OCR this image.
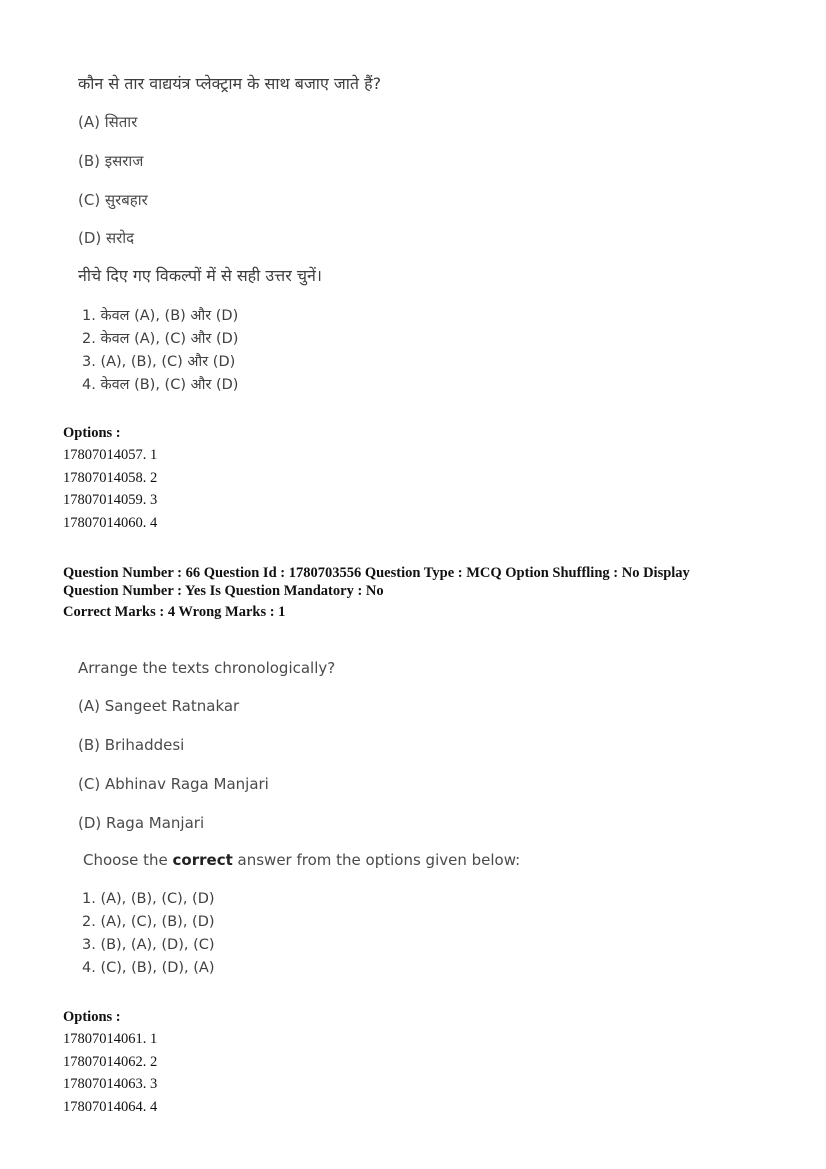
कौन से तार वाद्ययंत्र प्लेक्ट्राम के साथ बजाए जाते हैं?
(A) सितार
(B) इसराज
(C) सुरबहार
(D) सरोद
नीचे दिए गए विकल्पों में से सही उत्तर चुनें।
1. केवल (A), (B) और (D)
2. केवल (A), (C) और (D)
3. (A), (B), (C) और (D)
4. केवल (B), (C) और (D)
Options :
17807014057. 1
17807014058. 2
17807014059. 3
17807014060. 4
Question Number : 66 Question Id : 1780703556 Question Type : MCQ Option Shuffling : No Display
Question Number : Yes Is Question Mandatory : No
Correct Marks : 4 Wrong Marks : 1
Arrange the texts chronologically?
(A) Sangeet Ratnakar
(B) Brihaddesi
(C) Abhinav Raga Manjari
(D) Raga Manjari
Choose the correct answer from the options given below:
1. (A), (B), (C), (D)
2. (A), (C), (B), (D)
3. (B), (A), (D), (C)
4. (C), (B), (D), (A)
Options :
17807014061. 1
17807014062. 2
17807014063. 3
17807014064. 4
